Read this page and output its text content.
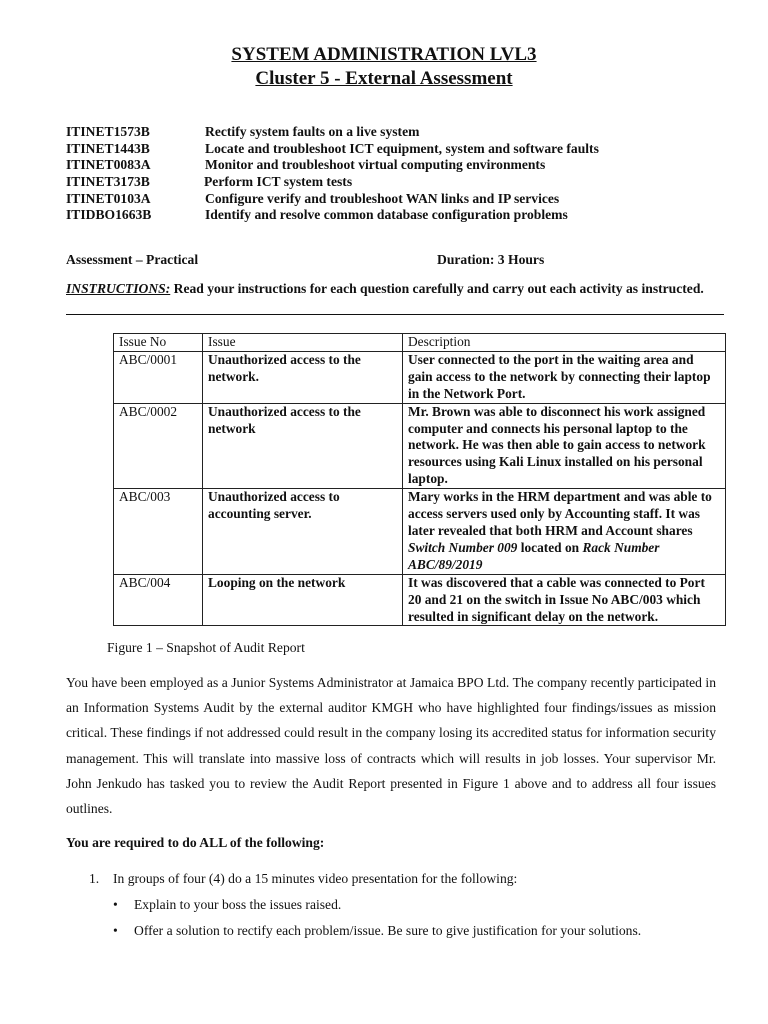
SYSTEM ADMINISTRATION LVL3
Cluster 5 - External Assessment
ITINET1573B	Rectify system faults on a live system
ITINET1443B	Locate and troubleshoot ICT equipment, system and software faults
ITINET0083A	Monitor and troubleshoot virtual computing environments
ITINET3173B	Perform ICT system tests
ITINET0103A	Configure verify and troubleshoot WAN links and IP services
ITIDBO1663B	Identify and resolve common database configuration problems
Assessment – Practical	Duration: 3 Hours
INSTRUCTIONS: Read your instructions for each question carefully and carry out each activity as instructed.
Issue No	Issue	Description
ABC/0001	Unauthorized access to the network.	User connected to the port in the waiting area and gain access to the network by connecting their laptop in the Network Port.
ABC/0002	Unauthorized access to the network	Mr. Brown was able to disconnect his work assigned computer and connects his personal laptop to the network. He was then able to gain access to network resources using Kali Linux installed on his personal laptop.
ABC/003	Unauthorized access to accounting server.	Mary works in the HRM department and was able to access servers used only by Accounting staff. It was later revealed that both HRM and Account shares Switch Number 009 located on Rack Number ABC/89/2019
ABC/004	Looping on the network	It was discovered that a cable was connected to Port 20 and 21 on the switch in Issue No ABC/003 which resulted in significant delay on the network.
Figure 1 – Snapshot of Audit Report
You have been employed as a Junior Systems Administrator at Jamaica BPO Ltd. The company recently participated in an Information Systems Audit by the external auditor KMGH who have highlighted four findings/issues as mission critical. These findings if not addressed could result in the company losing its accredited status for information security management. This will translate into massive loss of contracts which will results in job losses. Your supervisor Mr. John Jenkudo has tasked you to review the Audit Report presented in Figure 1 above and to address all four issues outlines.
You are required to do ALL of the following:
1. In groups of four (4) do a 15 minutes video presentation for the following:
• Explain to your boss the issues raised.
• Offer a solution to rectify each problem/issue. Be sure to give justification for your solutions.
